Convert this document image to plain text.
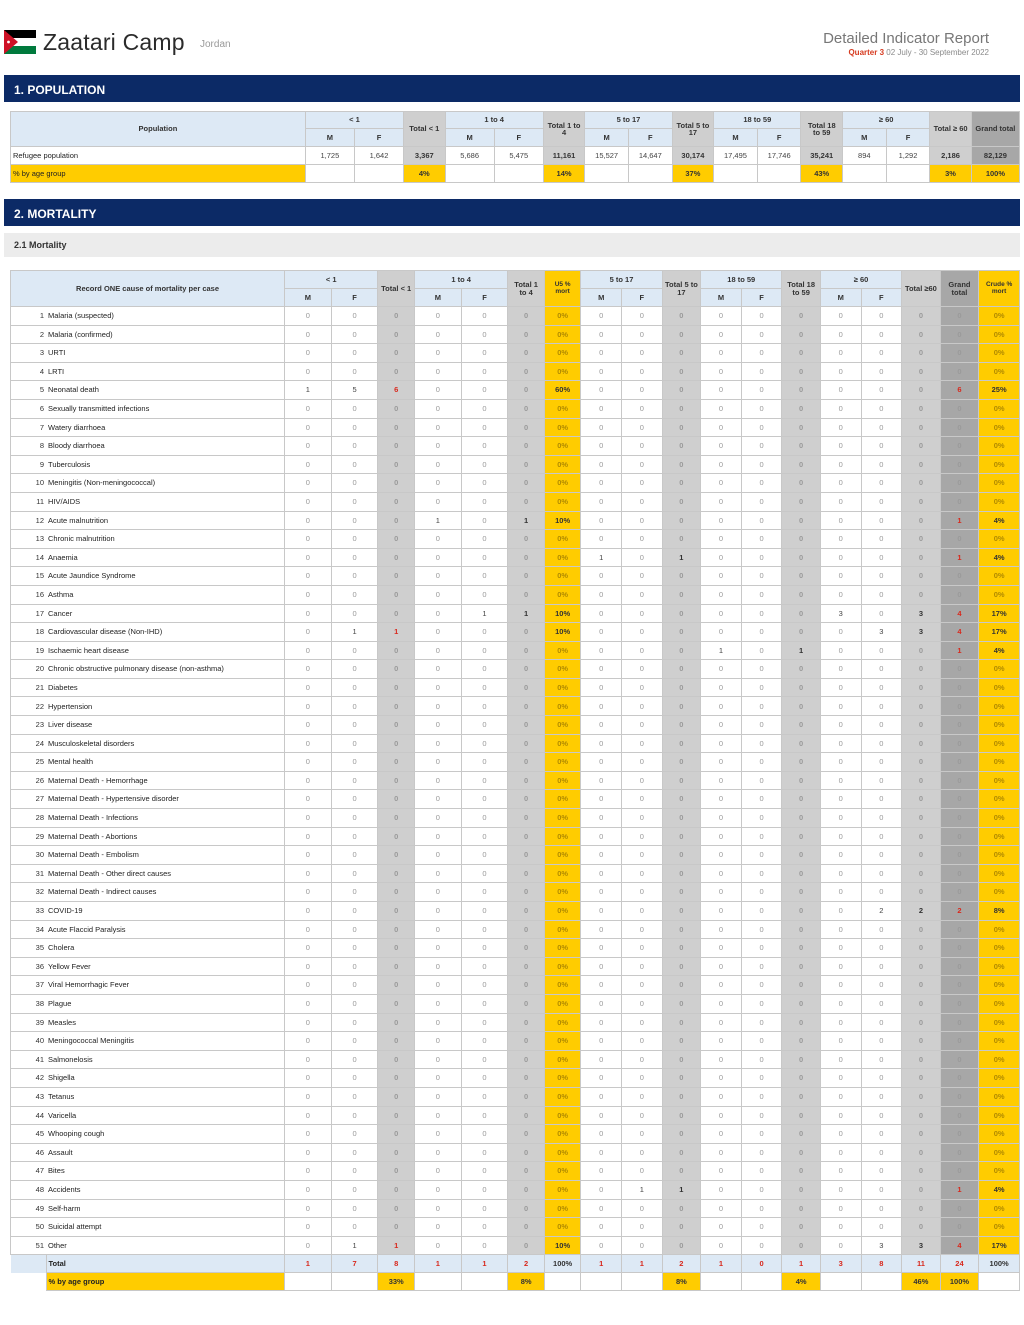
Zaatari Camp Jordan	Detailed Indicator Report
Quarter 3 02 July - 30 September 2022
1. POPULATION
Population	< 1		Total < 1	1 to 4		Total 1 to 4	5 to 17		Total 5 to 17	18 to 59		Total 18 to 59	≥ 60		Total ≥ 60	Grand total
	M	F		M	F		M	F		M	F		M	F		
Refugee population	1,725	1,642	3,367	5,686	5,475	11,161	15,527	14,647	30,174	17,495	17,746	35,241	894	1,292	2,186	82,129
% by age group			4%			14%			37%			43%			3%	100%
2. MORTALITY
2.1 Mortality
Record ONE cause of mortality per case		< 1		Total < 1	1 to 4		Total 1 to 4	U5 % mort	5 to 17		Total 5 to 17	18 to 59		Total 18 to 59	≥ 60		Total ≥60	Grand total	Crude % mort
		M	F		M	F			M	F		M	F		M	F			
1	Malaria (suspected)	0	0	0	0	0	0	0%	0	0	0	0	0	0	0	0	0	0	0%
2	Malaria (confirmed)	0	0	0	0	0	0	0%	0	0	0	0	0	0	0	0	0	0	0%
3	URTI	0	0	0	0	0	0	0%	0	0	0	0	0	0	0	0	0	0	0%
4	LRTI	0	0	0	0	0	0	0%	0	0	0	0	0	0	0	0	0	0	0%
5	Neonatal death	1	5	6	0	0	0	60%	0	0	0	0	0	0	0	0	0	6	25%
6	Sexually transmitted infections	0	0	0	0	0	0	0%	0	0	0	0	0	0	0	0	0	0	0%
7	Watery diarrhoea	0	0	0	0	0	0	0%	0	0	0	0	0	0	0	0	0	0	0%
8	Bloody diarrhoea	0	0	0	0	0	0	0%	0	0	0	0	0	0	0	0	0	0	0%
9	Tuberculosis	0	0	0	0	0	0	0%	0	0	0	0	0	0	0	0	0	0	0%
10	Meningitis (Non-meningococcal)	0	0	0	0	0	0	0%	0	0	0	0	0	0	0	0	0	0	0%
11	HIV/AIDS	0	0	0	0	0	0	0%	0	0	0	0	0	0	0	0	0	0	0%
12	Acute malnutrition	0	0	0	1	0	1	10%	0	0	0	0	0	0	0	0	0	1	4%
13	Chronic malnutrition	0	0	0	0	0	0	0%	0	0	0	0	0	0	0	0	0	0	0%
14	Anaemia	0	0	0	0	0	0	0%	1	0	1	0	0	0	0	0	0	1	4%
15	Acute Jaundice Syndrome	0	0	0	0	0	0	0%	0	0	0	0	0	0	0	0	0	0	0%
16	Asthma	0	0	0	0	0	0	0%	0	0	0	0	0	0	0	0	0	0	0%
17	Cancer	0	0	0	0	1	1	10%	0	0	0	0	0	0	3	0	3	4	17%
18	Cardiovascular disease (Non-IHD)	0	1	1	0	0	0	10%	0	0	0	0	0	0	0	3	3	4	17%
19	Ischaemic heart disease	0	0	0	0	0	0	0%	0	0	0	1	0	1	0	0	0	1	4%
20	Chronic obstructive pulmonary disease (non-asthma)	0	0	0	0	0	0	0%	0	0	0	0	0	0	0	0	0	0	0%
21	Diabetes	0	0	0	0	0	0	0%	0	0	0	0	0	0	0	0	0	0	0%
22	Hypertension	0	0	0	0	0	0	0%	0	0	0	0	0	0	0	0	0	0	0%
23	Liver disease	0	0	0	0	0	0	0%	0	0	0	0	0	0	0	0	0	0	0%
24	Musculoskeletal disorders	0	0	0	0	0	0	0%	0	0	0	0	0	0	0	0	0	0	0%
25	Mental health	0	0	0	0	0	0	0%	0	0	0	0	0	0	0	0	0	0	0%
26	Maternal Death - Hemorrhage	0	0	0	0	0	0	0%	0	0	0	0	0	0	0	0	0	0	0%
27	Maternal Death - Hypertensive disorder	0	0	0	0	0	0	0%	0	0	0	0	0	0	0	0	0	0	0%
28	Maternal Death - Infections	0	0	0	0	0	0	0%	0	0	0	0	0	0	0	0	0	0	0%
29	Maternal Death - Abortions	0	0	0	0	0	0	0%	0	0	0	0	0	0	0	0	0	0	0%
30	Maternal Death - Embolism	0	0	0	0	0	0	0%	0	0	0	0	0	0	0	0	0	0	0%
31	Maternal Death - Other direct causes	0	0	0	0	0	0	0%	0	0	0	0	0	0	0	0	0	0	0%
32	Maternal Death - Indirect causes	0	0	0	0	0	0	0%	0	0	0	0	0	0	0	0	0	0	0%
33	COVID-19	0	0	0	0	0	0	0%	0	0	0	0	0	0	0	2	2	2	8%
34	Acute Flaccid Paralysis	0	0	0	0	0	0	0%	0	0	0	0	0	0	0	0	0	0	0%
35	Cholera	0	0	0	0	0	0	0%	0	0	0	0	0	0	0	0	0	0	0%
36	Yellow Fever	0	0	0	0	0	0	0%	0	0	0	0	0	0	0	0	0	0	0%
37	Viral Hemorrhagic Fever	0	0	0	0	0	0	0%	0	0	0	0	0	0	0	0	0	0	0%
38	Plague	0	0	0	0	0	0	0%	0	0	0	0	0	0	0	0	0	0	0%
39	Measles	0	0	0	0	0	0	0%	0	0	0	0	0	0	0	0	0	0	0%
40	Meningococcal Meningitis	0	0	0	0	0	0	0%	0	0	0	0	0	0	0	0	0	0	0%
41	Salmonelosis	0	0	0	0	0	0	0%	0	0	0	0	0	0	0	0	0	0	0%
42	Shigella	0	0	0	0	0	0	0%	0	0	0	0	0	0	0	0	0	0	0%
43	Tetanus	0	0	0	0	0	0	0%	0	0	0	0	0	0	0	0	0	0	0%
44	Varicella	0	0	0	0	0	0	0%	0	0	0	0	0	0	0	0	0	0	0%
45	Whooping cough	0	0	0	0	0	0	0%	0	0	0	0	0	0	0	0	0	0	0%
46	Assault	0	0	0	0	0	0	0%	0	0	0	0	0	0	0	0	0	0	0%
47	Bites	0	0	0	0	0	0	0%	0	0	0	0	0	0	0	0	0	0	0%
48	Accidents	0	0	0	0	0	0	0%	0	1	1	0	0	0	0	0	0	1	4%
49	Self-harm	0	0	0	0	0	0	0%	0	0	0	0	0	0	0	0	0	0	0%
50	Suicidal attempt	0	0	0	0	0	0	0%	0	0	0	0	0	0	0	0	0	0	0%
51	Other	0	1	1	0	0	0	10%	0	0	0	0	0	0	0	3	3	4	17%
	Total	1	7	8	1	1	2	100%	1	1	2	1	0	1	3	8	11	24	100%
	% by age group			33%			8%				8%			4%			46%	100%	
